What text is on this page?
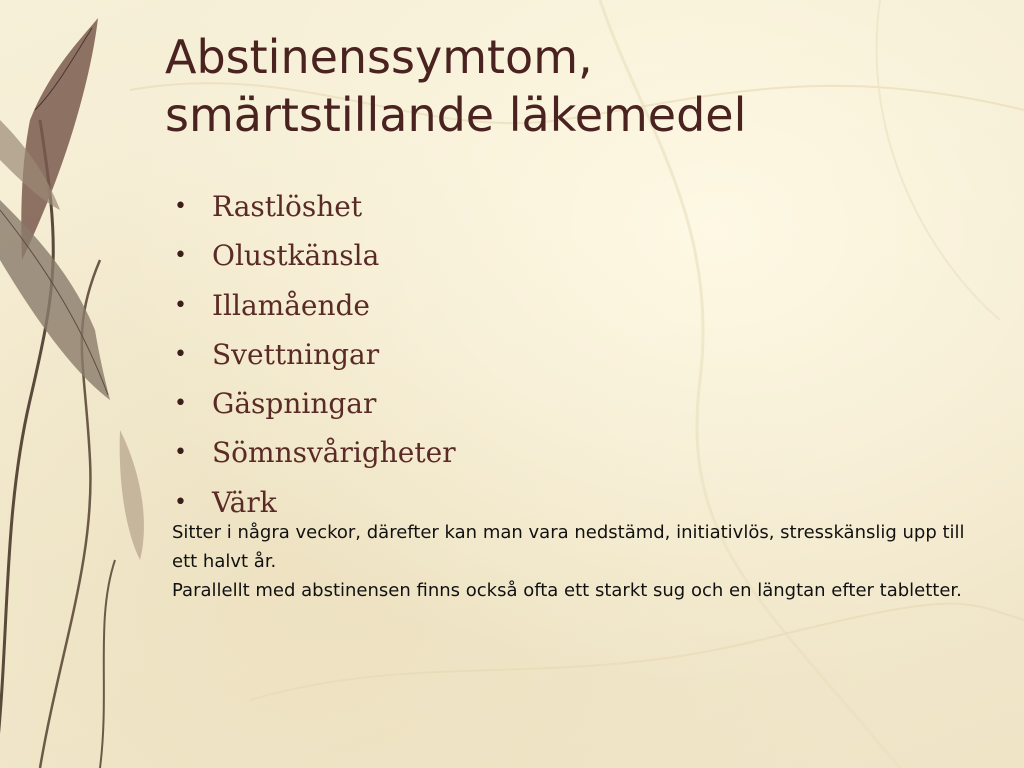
Abstinenssymtom,
smärtstillande läkemedel
• Rastlöshet
• Olustkänsla
• Illamående
• Svettningar
• Gäspningar
• Sömnsvårigheter
• Värk

Sitter i några veckor, därefter kan man vara nedstämd, initiativlös, stresskänslig upp till ett halvt år.

Parallellt med abstinensen finns också ofta ett starkt sug och en längtan efter tabletter.
